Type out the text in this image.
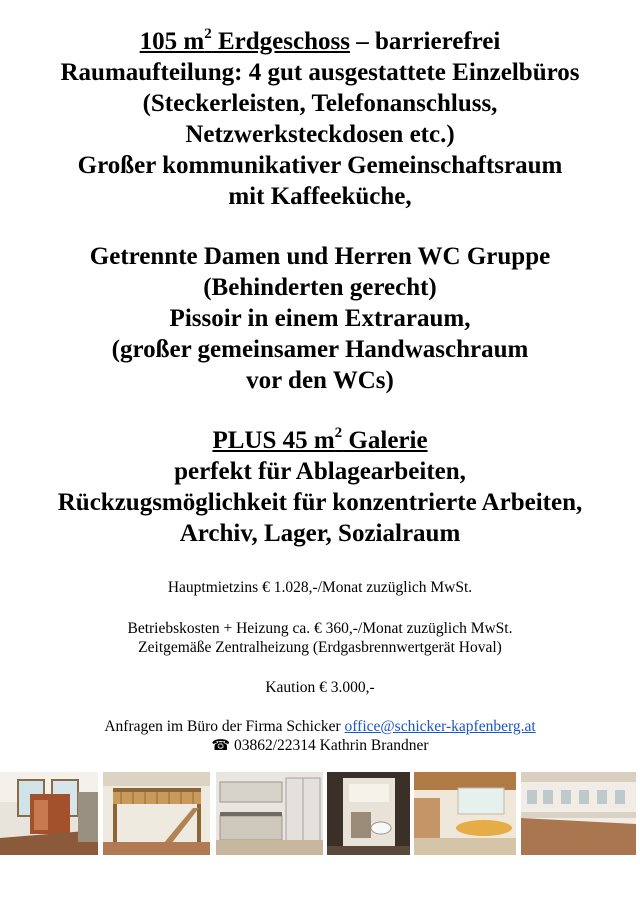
105 $m^2$ Erdgeschoss – barrierefrei
Raumaufteilung: 4 gut ausgestattete Einzelbüros
(Steckerleisten, Telefonanschluss,
Netzwerksteckdosen etc.)
Großer kommunikativer Gemeinschaftsraum
mit Kaffeeküche,
Getrennte Damen und Herren WC Gruppe
(Behinderten gerecht)
Pissoir in einem Extraraum,
(großer gemeinsamer Handwaschraum
vor den WCs)
PLUS 45 $m^2$ Galerie
perfekt für Ablagearbeiten,
Rückzugsmöglichkeit für konzentrierte Arbeiten,
Archiv, Lager, Sozialraum
Hauptmietzins € 1.028,-/Monat zuzüglich MwSt.
Betriebskosten + Heizung ca. € 360,-/Monat zuzüglich MwSt.
Zeitgemäße Zentralheizung (Erdgasbrennwertgerät Hoval)
Kaution € 3.000,-
Anfragen im Büro der Firma Schicker office@schicker-kapfenberg.at
☎ 03862/22314 Kathrin Brandner
